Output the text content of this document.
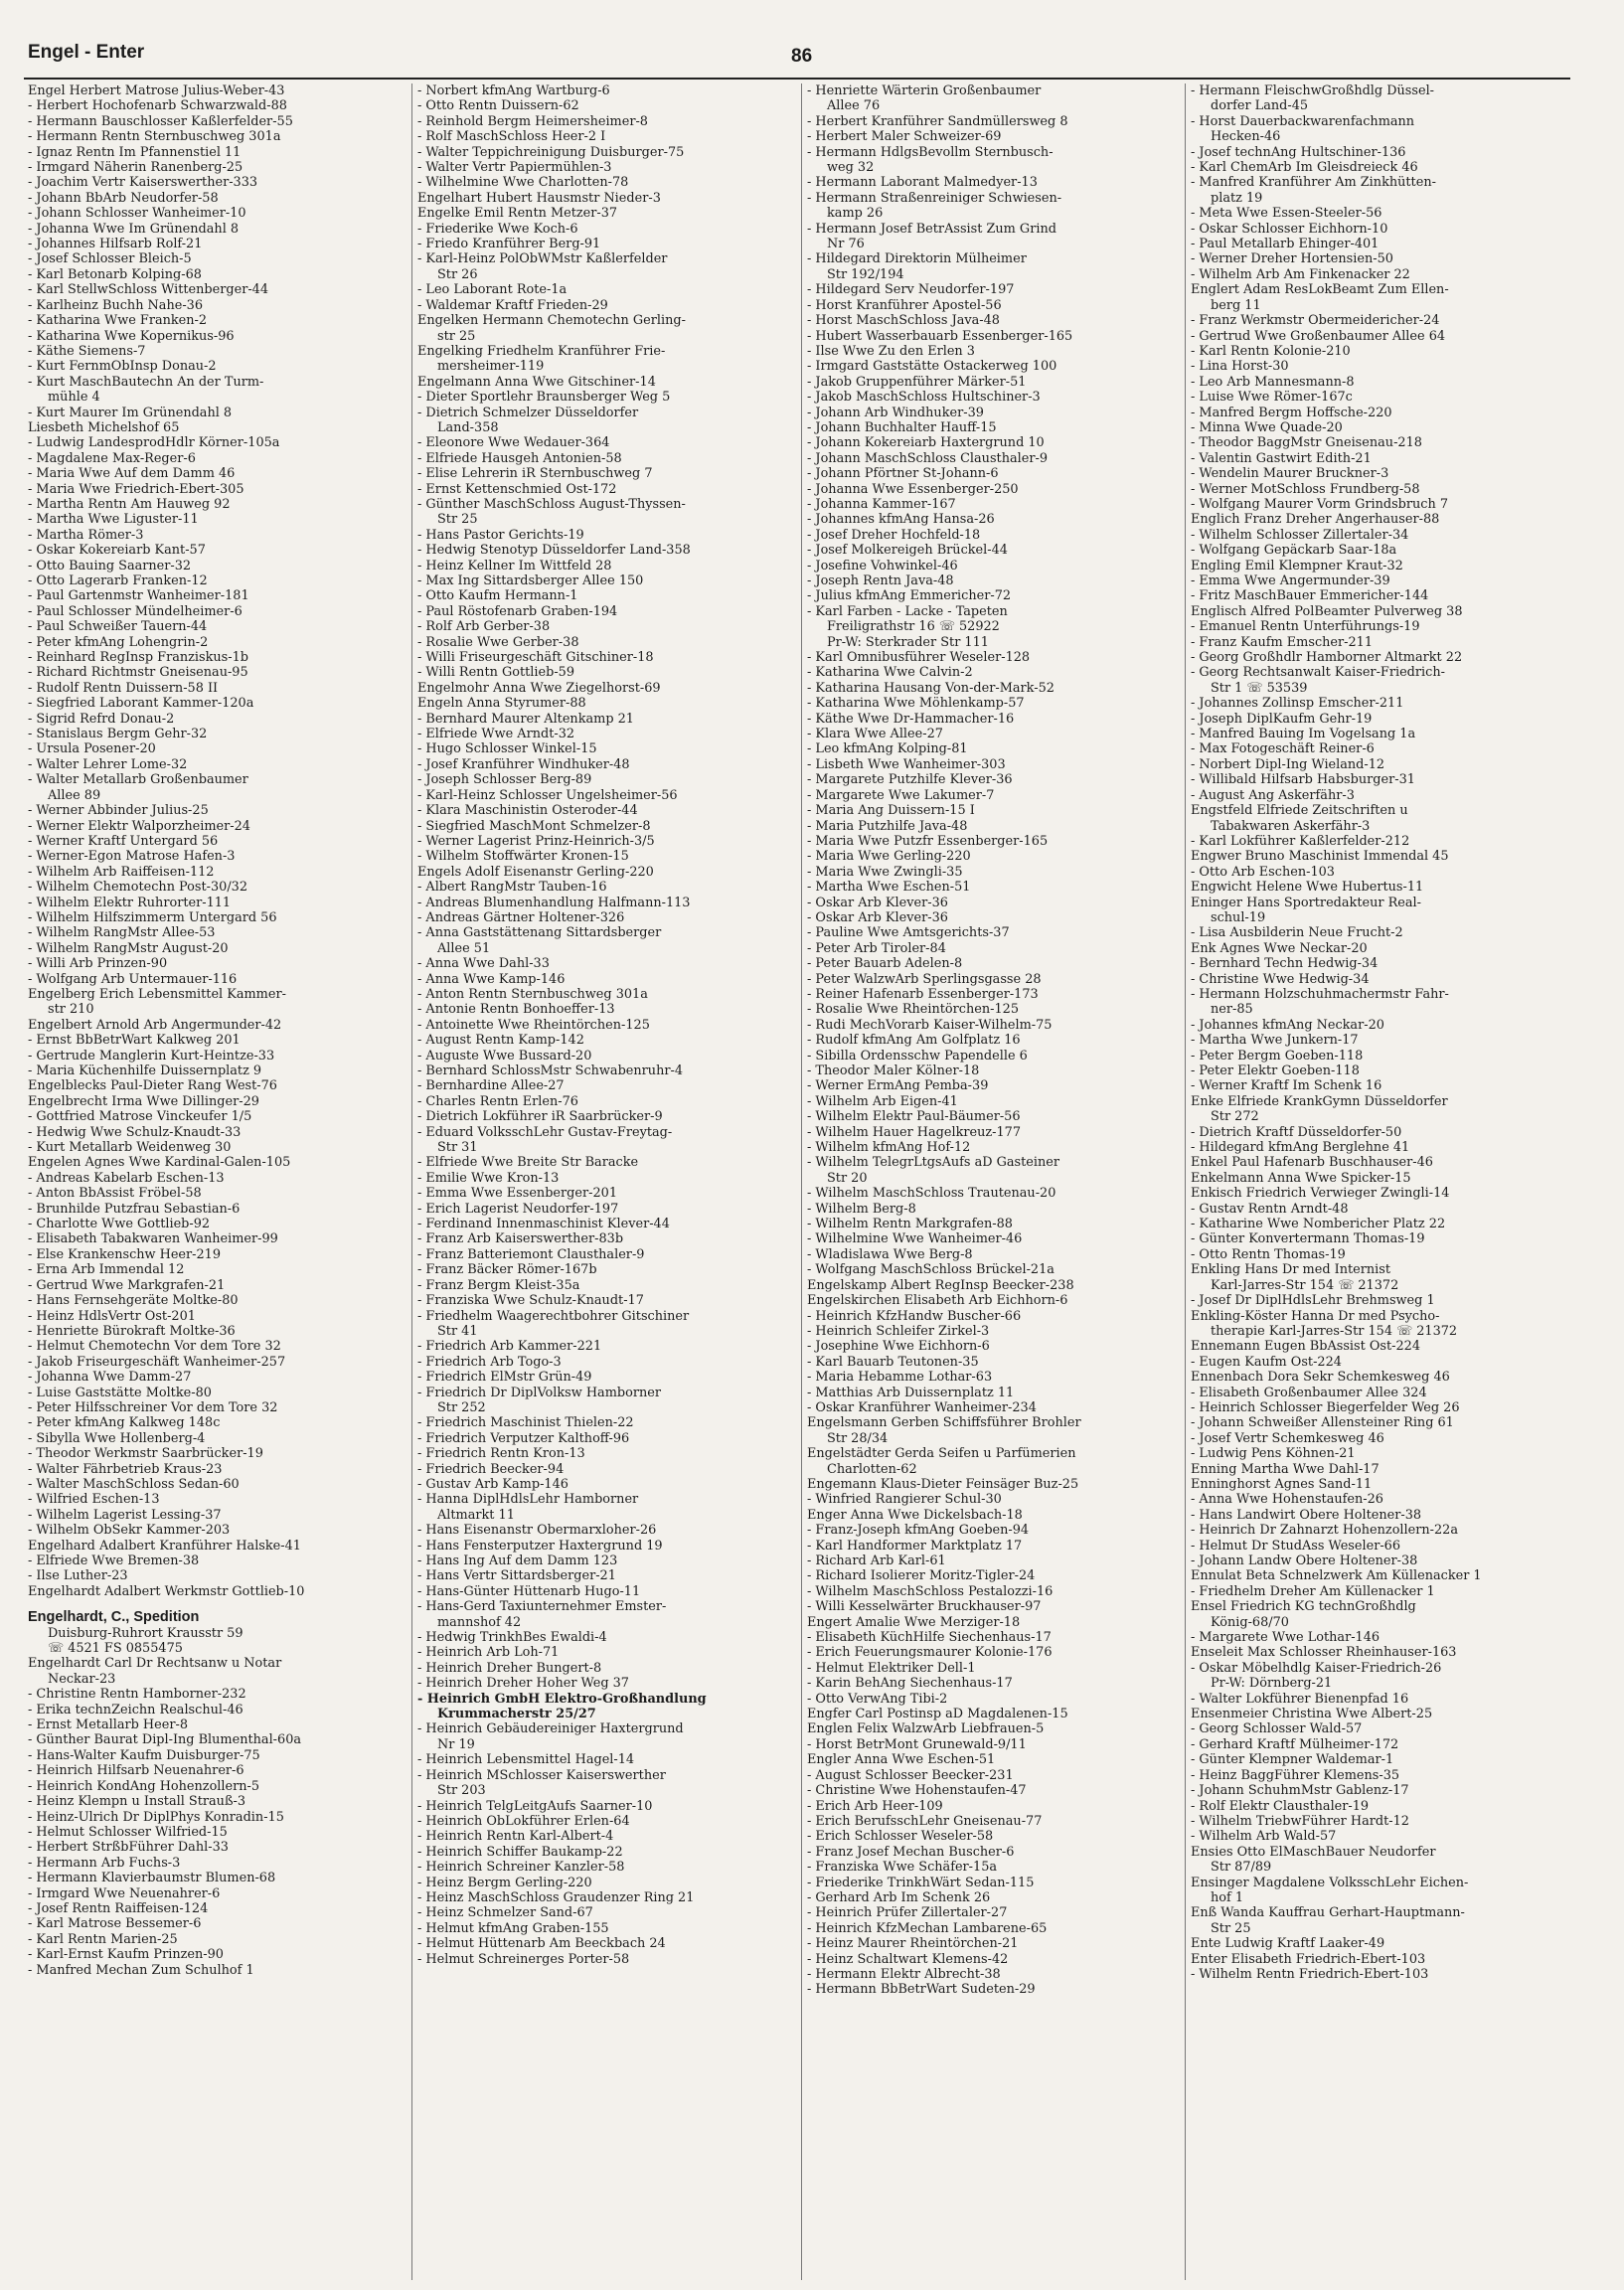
Engel - Enter	86
Engel Herbert Matrose Julius-Weber-43
- Herbert Hochofenarb Schwarzwald-88
- Hermann Bauschlosser Kaßlerfelder-55
- Hermann Rentn Sternbuschweg 301a
- Ignaz Rentn Im Pfannenstiel 11
- Irmgard Näherin Ranenberg-25
- Joachim Vertr Kaiserswerther-333
- Johann BbArb Neudorfer-58
- Johann Schlosser Wanheimer-10
- Johanna Wwe Im Grünendahl 8
- Johannes Hilfsarb Rolf-21
- Josef Schlosser Bleich-5
- Karl Betonarb Kolping-68
- Karl StellwSchloss Wittenberger-44
- Karlheinz Buchh Nahe-36
- Katharina Wwe Franken-2
- Katharina Wwe Kopernikus-96
- Käthe Siemens-7
- Kurt FernmObInsp Donau-2
- Kurt MaschBautechn An der Turm-
mühle 4
- Kurt Maurer Im Grünendahl 8
Liesbeth Michelshof 65
- Ludwig LandesprodHdlr Körner-105a
- Magdalene Max-Reger-6
- Maria Wwe Auf dem Damm 46
- Maria Wwe Friedrich-Ebert-305
- Martha Rentn Am Hauweg 92
- Martha Wwe Liguster-11
- Martha Römer-3
- Oskar Kokereiarb Kant-57
- Otto Bauing Saarner-32
- Otto Lagerarb Franken-12
- Paul Gartenmstr Wanheimer-181
- Paul Schlosser Mündelheimer-6
- Paul Schweißer Tauern-44
- Peter kfmAng Lohengrin-2
- Reinhard RegInsp Franziskus-1b
- Richard Richtmstr Gneisenau-95
- Rudolf Rentn Duissern-58 II
- Siegfried Laborant Kammer-120a
- Sigrid Refrd Donau-2
- Stanislaus Bergm Gehr-32
- Ursula Posener-20
- Walter Lehrer Lome-32
- Walter Metallarb Großenbaumer
Allee 89
- Werner Abbinder Julius-25
- Werner Elektr Walporzheimer-24
- Werner Kraftf Untergard 56
- Werner-Egon Matrose Hafen-3
- Wilhelm Arb Raiffeisen-112
- Wilhelm Chemotechn Post-30/32
- Wilhelm Elektr Ruhrorter-111
- Wilhelm Hilfszimmerm Untergard 56
- Wilhelm RangMstr Allee-53
- Wilhelm RangMstr August-20
- Willi Arb Prinzen-90
- Wolfgang Arb Untermauer-116
Engelberg Erich Lebensmittel Kammer-
str 210
Engelbert Arnold Arb Angermunder-42
- Ernst BbBetrWart Kalkweg 201
- Gertrude Manglerin Kurt-Heintze-33
- Maria Küchenhilfe Duissernplatz 9
Engelblecks Paul-Dieter Rang West-76
Engelbrecht Irma Wwe Dillinger-29
- Gottfried Matrose Vinckeufer 1/5
- Hedwig Wwe Schulz-Knaudt-33
- Kurt Metallarb Weidenweg 30
Engelen Agnes Wwe Kardinal-Galen-105
- Andreas Kabelarb Eschen-13
- Anton BbAssist Fröbel-58
- Brunhilde Putzfrau Sebastian-6
- Charlotte Wwe Gottlieb-92
- Elisabeth Tabakwaren Wanheimer-99
- Else Krankenschw Heer-219
- Erna Arb Immendal 12
- Gertrud Wwe Markgrafen-21
- Hans Fernsehgeräte Moltke-80
- Heinz HdlsVertr Ost-201
- Henriette Bürokraft Moltke-36
- Helmut Chemotechn Vor dem Tore 32
- Jakob Friseurgeschäft Wanheimer-257
- Johanna Wwe Damm-27
- Luise Gaststätte Moltke-80
- Peter Hilfsschreiner Vor dem Tore 32
- Peter kfmAng Kalkweg 148c
- Sibylla Wwe Hollenberg-4
- Theodor Werkmstr Saarbrücker-19
- Walter Fährbetrieb Kraus-23
- Walter MaschSchloss Sedan-60
- Wilfried Eschen-13
- Wilhelm Lagerist Lessing-37
- Wilhelm ObSekr Kammer-203
Engelhard Adalbert Kranführer Halske-41
- Elfriede Wwe Bremen-38
- Ilse Luther-23
Engelhardt Adalbert Werkmstr Gottlieb-10
Engelhardt, C., Spedition
Duisburg-Ruhrort Krausstr 59
☏ 4521 FS 0855475
Engelhardt Carl Dr Rechtsanw u Notar
Neckar-23
- Christine Rentn Hamborner-232
- Erika technZeichn Realschul-46
- Ernst Metallarb Heer-8
- Günther Baurat Dipl-Ing Blumenthal-60a
- Hans-Walter Kaufm Duisburger-75
- Heinrich Hilfsarb Neuenahrer-6
- Heinrich KondAng Hohenzollern-5
- Heinz Klempn u Install Strauß-3
- Heinz-Ulrich Dr DiplPhys Konradin-15
- Helmut Schlosser Wilfried-15
- Herbert StrßbFührer Dahl-33
- Hermann Arb Fuchs-3
- Hermann Klavierbaumstr Blumen-68
- Irmgard Wwe Neuenahrer-6
- Josef Rentn Raiffeisen-124
- Karl Matrose Bessemer-6
- Karl Rentn Marien-25
- Karl-Ernst Kaufm Prinzen-90
- Manfred Mechan Zum Schulhof 1
- Norbert kfmAng Wartburg-6
- Otto Rentn Duissern-62
- Reinhold Bergm Heimersheimer-8
- Rolf MaschSchloss Heer-2 I
- Walter Teppichreinigung Duisburger-75
- Walter Vertr Papiermühlen-3
- Wilhelmine Wwe Charlotten-78
Engelhart Hubert Hausmstr Nieder-3
Engelke Emil Rentn Metzer-37
- Friederike Wwe Koch-6
- Friedo Kranführer Berg-91
- Karl-Heinz PolObWMstr Kaßlerfelder
Str 26
- Leo Laborant Rote-1a
- Waldemar Kraftf Frieden-29
Engelken Hermann Chemotechn Gerling-
str 25
Engelking Friedhelm Kranführer Frie-
mersheimer-119
Engelmann Anna Wwe Gitschiner-14
- Dieter Sportlehr Braunsberger Weg 5
- Dietrich Schmelzer Düsseldorfer
Land-358
- Eleonore Wwe Wedauer-364
- Elfriede Hausgeh Antonien-58
- Elise Lehrerin iR Sternbuschweg 7
- Ernst Kettenschmied Ost-172
- Günther MaschSchloss August-Thyssen-
Str 25
- Hans Pastor Gerichts-19
- Hedwig Stenotyp Düsseldorfer Land-358
- Heinz Kellner Im Wittfeld 28
- Max Ing Sittardsberger Allee 150
- Otto Kaufm Hermann-1
- Paul Röstofenarb Graben-194
- Rolf Arb Gerber-38
- Rosalie Wwe Gerber-38
- Willi Friseurgeschäft Gitschiner-18
- Willi Rentn Gottlieb-59
Engelmohr Anna Wwe Ziegelhorst-69
Engeln Anna Styrumer-88
- Bernhard Maurer Altenkamp 21
- Elfriede Wwe Arndt-32
- Hugo Schlosser Winkel-15
- Josef Kranführer Windhuker-48
- Joseph Schlosser Berg-89
- Karl-Heinz Schlosser Ungelsheimer-56
- Klara Maschinistin Osteroder-44
- Siegfried MaschMont Schmelzer-8
- Werner Lagerist Prinz-Heinrich-3/5
- Wilhelm Stoffwärter Kronen-15
Engels Adolf Eisenanstr Gerling-220
- Albert RangMstr Tauben-16
- Andreas Blumenhandlung Halfmann-113
- Andreas Gärtner Holtener-326
- Anna Gaststättenang Sittardsberger
Allee 51
- Anna Wwe Dahl-33
- Anna Wwe Kamp-146
- Anton Rentn Sternbuschweg 301a
- Antonie Rentn Bonhoeffer-13
- Antoinette Wwe Rheintörchen-125
- August Rentn Kamp-142
- Auguste Wwe Bussard-20
- Bernhard SchlossMstr Schwabenruhr-4
- Bernhardine Allee-27
- Charles Rentn Erlen-76
- Dietrich Lokführer iR Saarbrücker-9
- Eduard VolksschLehr Gustav-Freytag-
Str 31
- Elfriede Wwe Breite Str Baracke
- Emilie Wwe Kron-13
- Emma Wwe Essenberger-201
- Erich Lagerist Neudorfer-197
- Ferdinand Innenmaschinist Klever-44
- Franz Arb Kaiserswerther-83b
- Franz Batteriemont Clausthaler-9
- Franz Bäcker Römer-167b
- Franz Bergm Kleist-35a
- Franziska Wwe Schulz-Knaudt-17
- Friedhelm Waagerechtbohrer Gitschiner
Str 41
- Friedrich Arb Kammer-221
- Friedrich Arb Togo-3
- Friedrich ElMstr Grün-49
- Friedrich Dr DiplVolksw Hamborner
Str 252
- Friedrich Maschinist Thielen-22
- Friedrich Verputzer Kalthoff-96
- Friedrich Rentn Kron-13
- Friedrich Beecker-94
- Gustav Arb Kamp-146
- Hanna DiplHdlsLehr Hamborner
Altmarkt 11
- Hans Eisenanstr Obermarxloher-26
- Hans Fensterputzer Haxtergrund 19
- Hans Ing Auf dem Damm 123
- Hans Vertr Sittardsberger-21
- Hans-Günter Hüttenarb Hugo-11
- Hans-Gerd Taxiunternehmer Emster-
mannshof 42
- Hedwig TrinkhBes Ewaldi-4
- Heinrich Arb Loh-71
- Heinrich Dreher Bungert-8
- Heinrich Dreher Hoher Weg 37
- Heinrich GmbH Elektro-Großhandlung
Krummacherstr 25/27
- Heinrich Gebäudereiniger Haxtergrund
Nr 19
- Heinrich Lebensmittel Hagel-14
- Heinrich MSchlosser Kaiserswerther
Str 203
- Heinrich TelgLeitgAufs Saarner-10
- Heinrich ObLokführer Erlen-64
- Heinrich Rentn Karl-Albert-4
- Heinrich Schiffer Baukamp-22
- Heinrich Schreiner Kanzler-58
- Heinz Bergm Gerling-220
- Heinz MaschSchloss Graudenzer Ring 21
- Heinz Schmelzer Sand-67
- Helmut kfmAng Graben-155
- Helmut Hüttenarb Am Beeckbach 24
- Helmut Schreinerges Porter-58
- Henriette Wärterin Großenbaumer
Allee 76
- Herbert Kranführer Sandmüllersweg 8
- Herbert Maler Schweizer-69
- Hermann HdlgsBevollm Sternbusch-
weg 32
- Hermann Laborant Malmedyer-13
- Hermann Straßenreiniger Schwiesen-
kamp 26
- Hermann Josef BetrAssist Zum Grind
Nr 76
- Hildegard Direktorin Mülheimer
Str 192/194
- Hildegard Serv Neudorfer-197
- Horst Kranführer Apostel-56
- Horst MaschSchloss Java-48
- Hubert Wasserbauarb Essenberger-165
- Ilse Wwe Zu den Erlen 3
- Irmgard Gaststätte Ostackerweg 100
- Jakob Gruppenführer Märker-51
- Jakob MaschSchloss Hultschiner-3
- Johann Arb Windhuker-39
- Johann Buchhalter Hauff-15
- Johann Kokereiarb Haxtergrund 10
- Johann MaschSchloss Clausthaler-9
- Johann Pförtner St-Johann-6
- Johanna Wwe Essenberger-250
- Johanna Kammer-167
- Johannes kfmAng Hansa-26
- Josef Dreher Hochfeld-18
- Josef Molkereigeh Brückel-44
- Josefine Vohwinkel-46
- Joseph Rentn Java-48
- Julius kfmAng Emmericher-72
- Karl Farben - Lacke - Tapeten
Freiligrathstr 16 ☏ 52922
Pr-W: Sterkrader Str 111
- Karl Omnibusführer Weseler-128
- Katharina Wwe Calvin-2
- Katharina Hausang Von-der-Mark-52
- Katharina Wwe Möhlenkamp-57
- Käthe Wwe Dr-Hammacher-16
- Klara Wwe Allee-27
- Leo kfmAng Kolping-81
- Lisbeth Wwe Wanheimer-303
- Margarete Putzhilfe Klever-36
- Margarete Wwe Lakumer-7
- Maria Ang Duissern-15 I
- Maria Putzhilfe Java-48
- Maria Wwe Putzfr Essenberger-165
- Maria Wwe Gerling-220
- Maria Wwe Zwingli-35
- Martha Wwe Eschen-51
- Oskar Arb Klever-36
- Oskar Arb Klever-36
- Pauline Wwe Amtsgerichts-37
- Peter Arb Tiroler-84
- Peter Bauarb Adelen-8
- Peter WalzwArb Sperlingsgasse 28
- Reiner Hafenarb Essenberger-173
- Rosalie Wwe Rheintörchen-125
- Rudi MechVorarb Kaiser-Wilhelm-75
- Rudolf kfmAng Am Golfplatz 16
- Sibilla Ordensschw Papendelle 6
- Theodor Maler Kölner-18
- Werner ErmAng Pemba-39
- Wilhelm Arb Eigen-41
- Wilhelm Elektr Paul-Bäumer-56
- Wilhelm Hauer Hagelkreuz-177
- Wilhelm kfmAng Hof-12
- Wilhelm TelegrLtgsAufs aD Gasteiner
Str 20
- Wilhelm MaschSchloss Trautenau-20
- Wilhelm Berg-8
- Wilhelm Rentn Markgrafen-88
- Wilhelmine Wwe Wanheimer-46
- Wladislawa Wwe Berg-8
- Wolfgang MaschSchloss Brückel-21a
Engelskamp Albert RegInsp Beecker-238
Engelskirchen Elisabeth Arb Eichhorn-6
- Heinrich KfzHandw Buscher-66
- Heinrich Schleifer Zirkel-3
- Josephine Wwe Eichhorn-6
- Karl Bauarb Teutonen-35
- Maria Hebamme Lothar-63
- Matthias Arb Duissernplatz 11
- Oskar Kranführer Wanheimer-234
Engelsmann Gerben Schiffsführer Brohler
Str 28/34
Engelstädter Gerda Seifen u Parfümerien
Charlotten-62
Engemann Klaus-Dieter Feinsäger Buz-25
- Winfried Rangierer Schul-30
Enger Anna Wwe Dickelsbach-18
- Franz-Joseph kfmAng Goeben-94
- Karl Handformer Marktplatz 17
- Richard Arb Karl-61
- Richard Isolierer Moritz-Tigler-24
- Wilhelm MaschSchloss Pestalozzi-16
- Willi Kesselwärter Bruckhauser-97
Engert Amalie Wwe Merziger-18
- Elisabeth KüchHilfe Siechenhaus-17
- Erich Feuerungsmaurer Kolonie-176
- Helmut Elektriker Dell-1
- Karin BehAng Siechenhaus-17
- Otto VerwAng Tibi-2
Engfer Carl Postinsp aD Magdalenen-15
Englen Felix WalzwArb Liebfrauen-5
- Horst BetrMont Grunewald-9/11
Engler Anna Wwe Eschen-51
- August Schlosser Beecker-231
- Christine Wwe Hohenstaufen-47
- Erich Arb Heer-109
- Erich BerufsschLehr Gneisenau-77
- Erich Schlosser Weseler-58
- Franz Josef Mechan Buscher-6
- Franziska Wwe Schäfer-15a
- Friederike TrinkhWärt Sedan-115
- Gerhard Arb Im Schenk 26
- Heinrich Prüfer Zillertaler-27
- Heinrich KfzMechan Lambarene-65
- Heinz Maurer Rheintörchen-21
- Heinz Schaltwart Klemens-42
- Hermann Elektr Albrecht-38
- Hermann BbBetrWart Sudeten-29
- Hermann FleischwGroßhdlg Düssel-
dorfer Land-45
- Horst Dauerbackwarenfachmann
Hecken-46
- Josef technAng Hultschiner-136
- Karl ChemArb Im Gleisdreieck 46
- Manfred Kranführer Am Zinkhütten-
platz 19
- Meta Wwe Essen-Steeler-56
- Oskar Schlosser Eichhorn-10
- Paul Metallarb Ehinger-401
- Werner Dreher Hortensien-50
- Wilhelm Arb Am Finkenacker 22
Englert Adam ResLokBeamt Zum Ellen-
berg 11
- Franz Werkmstr Obermeidericher-24
- Gertrud Wwe Großenbaumer Allee 64
- Karl Rentn Kolonie-210
- Lina Horst-30
- Leo Arb Mannesmann-8
- Luise Wwe Römer-167c
- Manfred Bergm Hoffsche-220
- Minna Wwe Quade-20
- Theodor BaggMstr Gneisenau-218
- Valentin Gastwirt Edith-21
- Wendelin Maurer Bruckner-3
- Werner MotSchloss Frundberg-58
- Wolfgang Maurer Vorm Grindsbruch 7
Englich Franz Dreher Angerhauser-88
- Wilhelm Schlosser Zillertaler-34
- Wolfgang Gepäckarb Saar-18a
Engling Emil Klempner Kraut-32
- Emma Wwe Angermunder-39
- Fritz MaschBauer Emmericher-144
Englisch Alfred PolBeamter Pulverweg 38
- Emanuel Rentn Unterführungs-19
- Franz Kaufm Emscher-211
- Georg Großhdlr Hamborner Altmarkt 22
- Georg Rechtsanwalt Kaiser-Friedrich-
Str 1 ☏ 53539
- Johannes Zollinsp Emscher-211
- Joseph DiplKaufm Gehr-19
- Manfred Bauing Im Vogelsang 1a
- Max Fotogeschäft Reiner-6
- Norbert Dipl-Ing Wieland-12
- Willibald Hilfsarb Habsburger-31
- August Ang Askerfähr-3
Engstfeld Elfriede Zeitschriften u
Tabakwaren Askerfähr-3
- Karl Lokführer Kaßlerfelder-212
Engwer Bruno Maschinist Immendal 45
- Otto Arb Eschen-103
Engwicht Helene Wwe Hubertus-11
Eninger Hans Sportredakteur Real-
schul-19
- Lisa Ausbilderin Neue Frucht-2
Enk Agnes Wwe Neckar-20
- Bernhard Techn Hedwig-34
- Christine Wwe Hedwig-34
- Hermann Holzschuhmachermstr Fahr-
ner-85
- Johannes kfmAng Neckar-20
- Martha Wwe Junkern-17
- Peter Bergm Goeben-118
- Peter Elektr Goeben-118
- Werner Kraftf Im Schenk 16
Enke Elfriede KrankGymn Düsseldorfer
Str 272
- Dietrich Kraftf Düsseldorfer-50
- Hildegard kfmAng Berglehne 41
Enkel Paul Hafenarb Buschhauser-46
Enkelmann Anna Wwe Spicker-15
Enkisch Friedrich Verwieger Zwingli-14
- Gustav Rentn Arndt-48
- Katharine Wwe Nombericher Platz 22
- Günter Konvertermann Thomas-19
- Otto Rentn Thomas-19
Enkling Hans Dr med Internist
Karl-Jarres-Str 154 ☏ 21372
- Josef Dr DiplHdlsLehr Brehmsweg 1
Enkling-Köster Hanna Dr med Psycho-
therapie Karl-Jarres-Str 154 ☏ 21372
Ennemann Eugen BbAssist Ost-224
- Eugen Kaufm Ost-224
Ennenbach Dora Sekr Schemkesweg 46
- Elisabeth Großenbaumer Allee 324
- Heinrich Schlosser Biegerfelder Weg 26
- Johann Schweißer Allensteiner Ring 61
- Josef Vertr Schemkesweg 46
- Ludwig Pens Köhnen-21
Enning Martha Wwe Dahl-17
Enninghorst Agnes Sand-11
- Anna Wwe Hohenstaufen-26
- Hans Landwirt Obere Holtener-38
- Heinrich Dr Zahnarzt Hohenzollern-22a
- Helmut Dr StudAss Weseler-66
- Johann Landw Obere Holtener-38
Ennulat Beta Schnelzwerk Am Küllenacker 1
- Friedhelm Dreher Am Küllenacker 1
Ensel Friedrich KG technGroßhdlg
König-68/70
- Margarete Wwe Lothar-146
Enseleit Max Schlosser Rheinhauser-163
- Oskar Möbelhdlg Kaiser-Friedrich-26
Pr-W: Dörnberg-21
- Walter Lokführer Bienenpfad 16
Ensenmeier Christina Wwe Albert-25
- Georg Schlosser Wald-57
- Gerhard Kraftf Mülheimer-172
- Günter Klempner Waldemar-1
- Heinz BaggFührer Klemens-35
- Johann SchuhmMstr Gablenz-17
- Rolf Elektr Clausthaler-19
- Wilhelm TriebwFührer Hardt-12
- Wilhelm Arb Wald-57
Ensies Otto ElMaschBauer Neudorfer
Str 87/89
Ensinger Magdalene VolksschLehr Eichen-
hof 1
Enß Wanda Kauffrau Gerhart-Hauptmann-
Str 25
Ente Ludwig Kraftf Laaker-49
Enter Elisabeth Friedrich-Ebert-103
- Wilhelm Rentn Friedrich-Ebert-103
